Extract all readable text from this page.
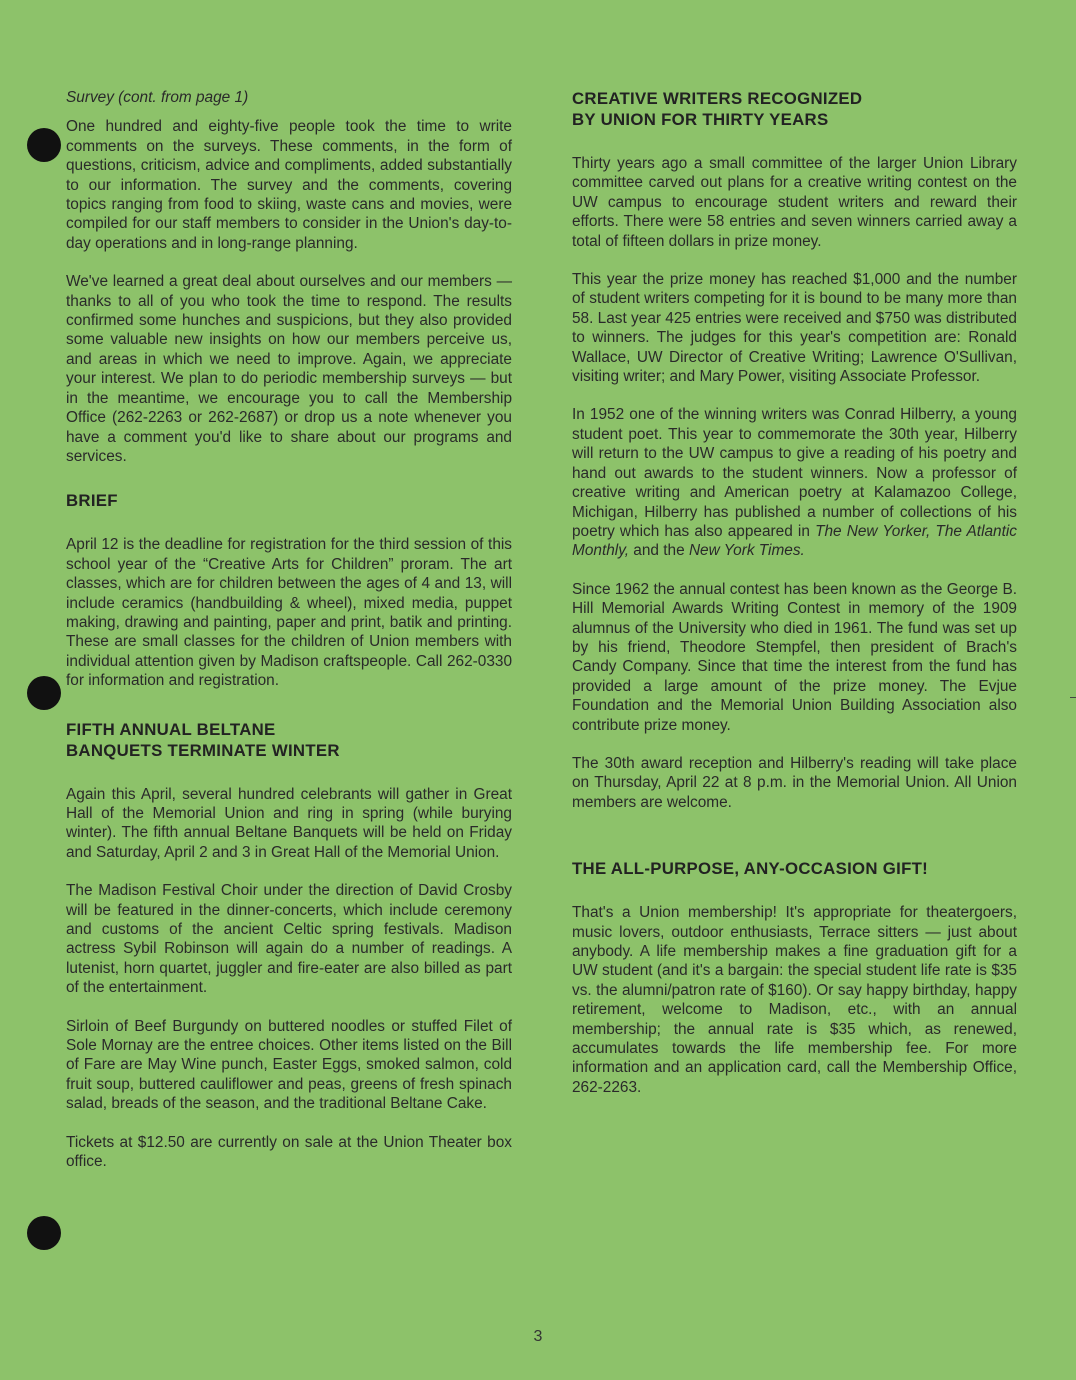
Survey (cont. from page 1)

One hundred and eighty-five people took the time to write comments on the surveys. These comments, in the form of questions, criticism, advice and compliments, added substantially to our information. The survey and the comments, covering topics ranging from food to skiing, waste cans and movies, were compiled for our staff members to consider in the Union's day-to-day operations and in long-range planning.

We've learned a great deal about ourselves and our members — thanks to all of you who took the time to respond. The results confirmed some hunches and suspicions, but they also provided some valuable new insights on how our members perceive us, and areas in which we need to improve. Again, we appreciate your interest. We plan to do periodic membership surveys — but in the meantime, we encourage you to call the Membership Office (262-2263 or 262-2687) or drop us a note whenever you have a comment you'd like to share about our programs and services.

BRIEF

April 12 is the deadline for registration for the third session of this school year of the “Creative Arts for Children” proram. The art classes, which are for children between the ages of 4 and 13, will include ceramics (handbuilding & wheel), mixed media, puppet making, drawing and painting, paper and print, batik and printing. These are small classes for the children of Union members with individual attention given by Madison craftspeople. Call 262-0330 for information and registration.

FIFTH ANNUAL BELTANE
BANQUETS TERMINATE WINTER

Again this April, several hundred celebrants will gather in Great Hall of the Memorial Union and ring in spring (while burying winter). The fifth annual Beltane Banquets will be held on Friday and Saturday, April 2 and 3 in Great Hall of the Memorial Union.

The Madison Festival Choir under the direction of David Crosby will be featured in the dinner-concerts, which include ceremony and customs of the ancient Celtic spring festivals. Madison actress Sybil Robinson will again do a number of readings. A lutenist, horn quartet, juggler and fire-eater are also billed as part of the entertainment.

Sirloin of Beef Burgundy on buttered noodles or stuffed Filet of Sole Mornay are the entree choices. Other items listed on the Bill of Fare are May Wine punch, Easter Eggs, smoked salmon, cold fruit soup, buttered cauliflower and peas, greens of fresh spinach salad, breads of the season, and the traditional Beltane Cake.

Tickets at $12.50 are currently on sale at the Union Theater box office.

CREATIVE WRITERS RECOGNIZED
BY UNION FOR THIRTY YEARS

Thirty years ago a small committee of the larger Union Library committee carved out plans for a creative writing contest on the UW campus to encourage student writers and reward their efforts. There were 58 entries and seven winners carried away a total of fifteen dollars in prize money.

This year the prize money has reached $1,000 and the number of student writers competing for it is bound to be many more than 58. Last year 425 entries were received and $750 was distributed to winners. The judges for this year's competition are: Ronald Wallace, UW Director of Creative Writing; Lawrence O'Sullivan, visiting writer; and Mary Power, visiting Associate Professor.

In 1952 one of the winning writers was Conrad Hilberry, a young student poet. This year to commemorate the 30th year, Hilberry will return to the UW campus to give a reading of his poetry and hand out awards to the student winners. Now a professor of creative writing and American poetry at Kalamazoo College, Michigan, Hilberry has published a number of collections of his poetry which has also appeared in The New Yorker, The Atlantic Monthly, and the New York Times.

Since 1962 the annual contest has been known as the George B. Hill Memorial Awards Writing Contest in memory of the 1909 alumnus of the University who died in 1961. The fund was set up by his friend, Theodore Stempfel, then president of Brach's Candy Company. Since that time the interest from the fund has provided a large amount of the prize money. The Evjue Foundation and the Memorial Union Building Association also contribute prize money.

The 30th award reception and Hilberry's reading will take place on Thursday, April 22 at 8 p.m. in the Memorial Union. All Union members are welcome.

THE ALL-PURPOSE, ANY-OCCASION GIFT!

That's a Union membership! It's appropriate for theatergoers, music lovers, outdoor enthusiasts, Terrace sitters — just about anybody. A life membership makes a fine graduation gift for a UW student (and it's a bargain: the special student life rate is $35 vs. the alumni/patron rate of $160). Or say happy birthday, happy retirement, welcome to Madison, etc., with an annual membership; the annual rate is $35 which, as renewed, accumulates towards the life membership fee. For more information and an application card, call the Membership Office, 262-2263.

3
